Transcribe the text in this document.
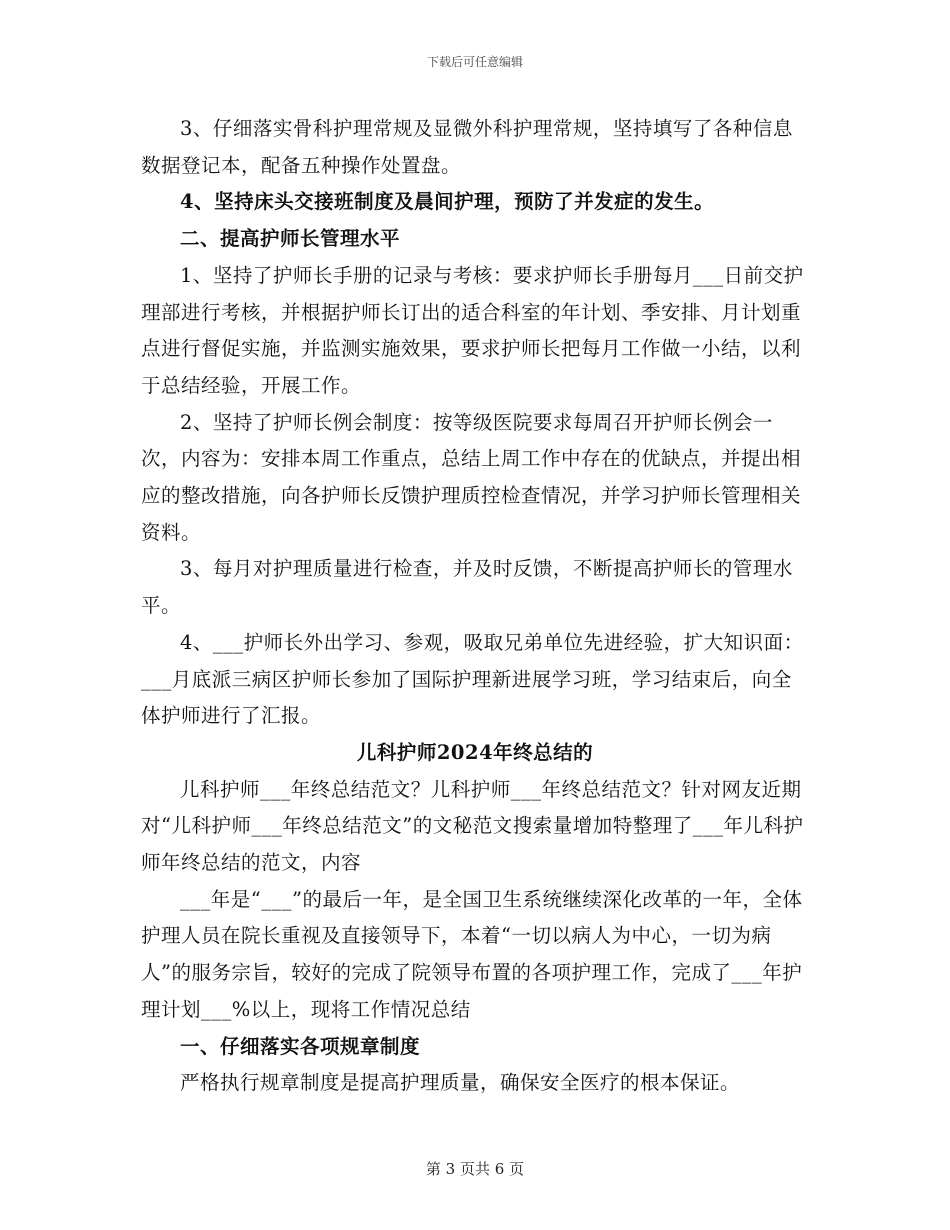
下载后可任意编辑

3、仔细落实骨科护理常规及显微外科护理常规，坚持填写了各种信息数据登记本，配备五种操作处置盘。

4、坚持床头交接班制度及晨间护理，预防了并发症的发生。

二、提高护师长管理水平

1、坚持了护师长手册的记录与考核：要求护师长手册每月___日前交护理部进行考核，并根据护师长订出的适合科室的年计划、季安排、月计划重点进行督促实施，并监测实施效果，要求护师长把每月工作做一小结，以利于总结经验，开展工作。

2、坚持了护师长例会制度：按等级医院要求每周召开护师长例会一次，内容为：安排本周工作重点，总结上周工作中存在的优缺点，并提出相应的整改措施，向各护师长反馈护理质控检查情况，并学习护师长管理相关资料。

3、每月对护理质量进行检查，并及时反馈，不断提高护师长的管理水平。

4、___护师长外出学习、参观，吸取兄弟单位先进经验，扩大知识面：___月底派三病区护师长参加了国际护理新进展学习班，学习结束后，向全体护师进行了汇报。

儿科护师2024年终总结的

儿科护师___年终总结范文？儿科护师___年终总结范文？针对网友近期对“儿科护师___年终总结范文”的文秘范文搜索量增加特整理了___年儿科护师年终总结的范文，内容

___年是“___”的最后一年，是全国卫生系统继续深化改革的一年，全体护理人员在院长重视及直接领导下，本着“一切以病人为中心，一切为病人”的服务宗旨，较好的完成了院领导布置的各项护理工作，完成了___年护理计划___%以上，现将工作情况总结

一、仔细落实各项规章制度

严格执行规章制度是提高护理质量，确保安全医疗的根本保证。

第 3 页共 6 页
